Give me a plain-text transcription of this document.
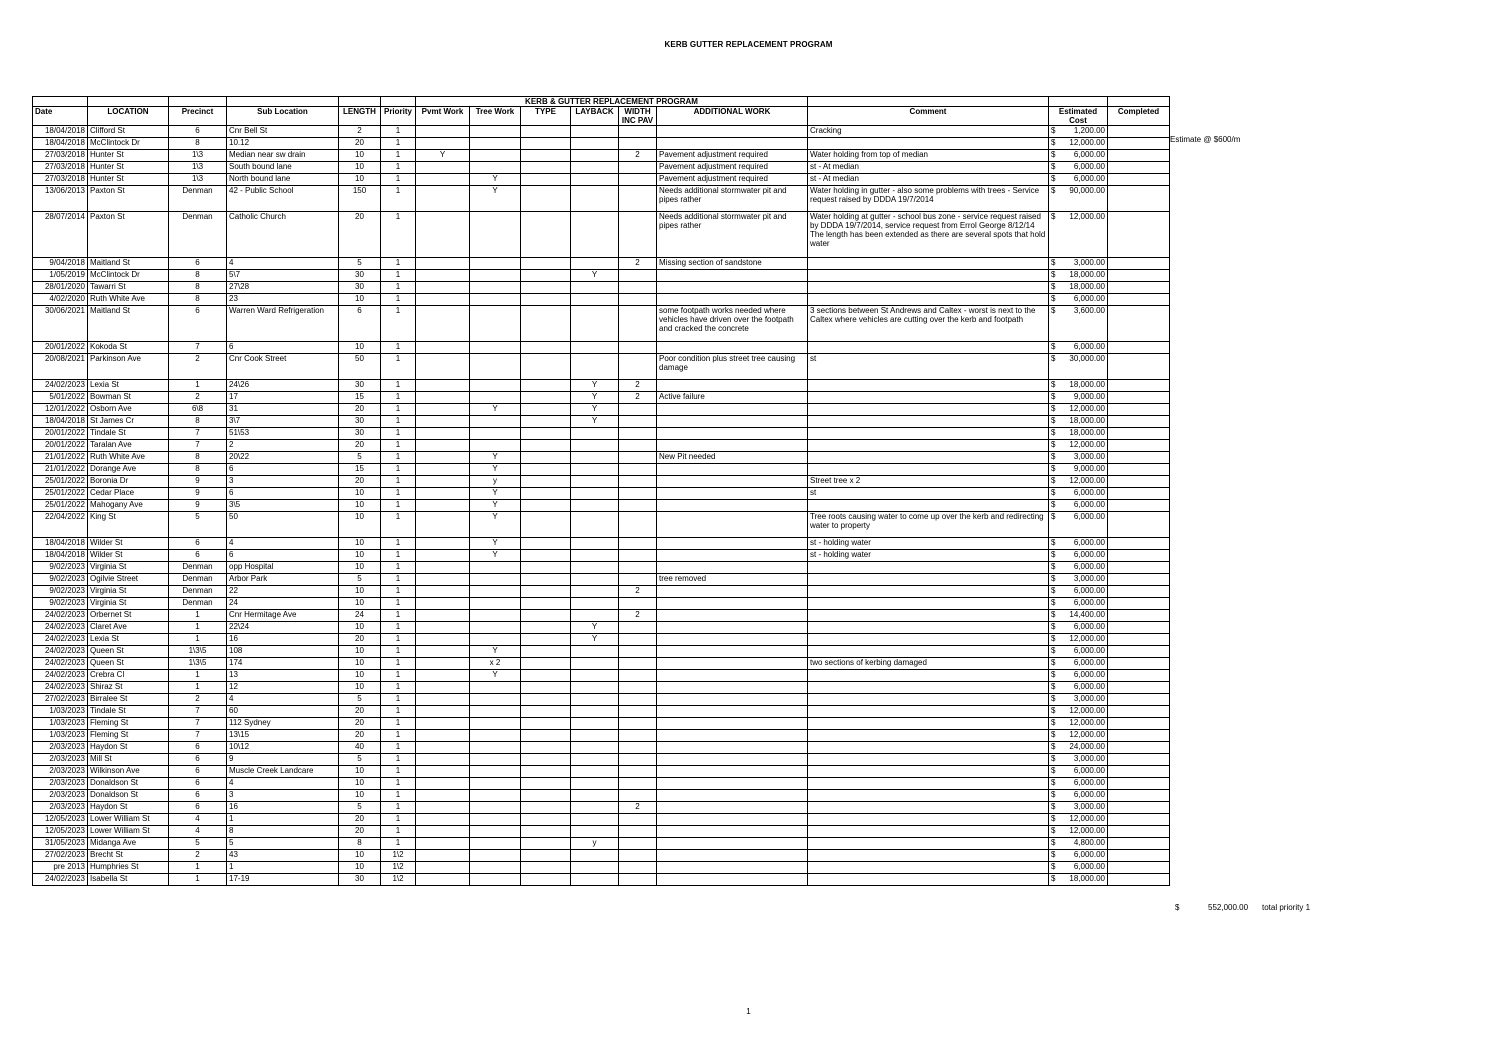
KERB GUTTER REPLACEMENT PROGRAM
						KERB & GUTTER REPLACEMENT PROGRAM								
Date	LOCATION	Precinct	Sub Location	LENGTH	Priority	Pvmt Work	Tree Work	TYPE	LAYBACK	WIDTH INC PAV	ADDITIONAL WORK	Comment	Estimated Cost	Completed
18/04/2018	Clifford St	6	Cnr Bell St	2	1							Cracking	$ 1,200.00	

18/04/2018	McClintock Dr	8	10.12	20	1								$ 12,000.00	

27/03/2018	Hunter St	1\3	Median near sw drain	10	1	Y				2	Pavement adjustment required	Water holding from top of median	$ 6,000.00	

27/03/2018	Hunter St	1\3	South bound lane	10	1						Pavement adjustment required	st - At median	$ 6,000.00	

27/03/2018	Hunter St	1\3	North bound lane	10	1		Y				Pavement adjustment required	st - At median	$ 6,000.00	

13/06/2013	Paxton St	Denman	42 - Public School	150	1		Y				Needs additional stormwater pit and pipes rather	Water holding in gutter - also some problems with trees - Service request raised by DDDA 19/7/2014	$ 90,000.00	

28/07/2014	Paxton St	Denman	Catholic Church	20	1						Needs additional stormwater pit and pipes rather	Water holding at gutter - school bus zone - service request raised by DDDA 19/7/2014, service request from Errol George 8/12/14 The length has been extended as there are several spots that hold water	$ 12,000.00	

9/04/2018	Maitland St	6	4	5	1					2	Missing section of sandstone		$ 3,000.00	

1/05/2019	McClintock Dr	8	5\7	30	1				Y				$ 18,000.00	

28/01/2020	Tawarri St	8	27\28	30	1								$ 18,000.00	

4/02/2020	Ruth White Ave	8	23	10	1								$ 6,000.00	

30/06/2021	Maitland St	6	Warren Ward Refrigeration	6	1						some footpath works needed where vehicles have driven over the footpath and cracked the concrete	3 sections between St Andrews and Caltex - worst is next to the Caltex where vehicles are cutting over the kerb and footpath	$ 3,600.00	

20/01/2022	Kokoda St	7	6	10	1								$ 6,000.00	

20/08/2021	Parkinson Ave	2	Cnr Cook Street	50	1						Poor condition plus street tree causing damage	st	$ 30,000.00	

24/02/2023	Lexia St	1	24\26	30	1				Y	2			$ 18,000.00	

5/01/2022	Bowman St	2	17	15	1				Y	2	Active failure		$ 9,000.00	

12/01/2022	Osborn Ave	6\8	31	20	1		Y		Y				$ 12,000.00	

18/04/2018	St James Cr	8	3\7	30	1				Y				$ 18,000.00	

20/01/2022	Tindale St	7	51\53	30	1								$ 18,000.00	

20/01/2022	Taralan Ave	7	2	20	1								$ 12,000.00	

21/01/2022	Ruth White Ave	8	20\22	5	1		Y				New Pit needed		$ 3,000.00	

21/01/2022	Dorange Ave	8	6	15	1		Y						$ 9,000.00	

25/01/2022	Boronia Dr	9	3	20	1		y					Street tree x 2	$ 12,000.00	

25/01/2022	Cedar Place	9	6	10	1		Y					st	$ 6,000.00	

25/01/2022	Mahogany Ave	9	3\5	10	1		Y						$ 6,000.00	

22/04/2022	King St	5	50	10	1		Y					Tree roots causing water to come up over the kerb and redirecting water to property	$ 6,000.00	

18/04/2018	Wilder St	6	4	10	1		Y					st - holding water	$ 6,000.00	

18/04/2018	Wilder St	6	6	10	1		Y					st - holding water	$ 6,000.00	

9/02/2023	Virginia St	Denman	opp Hospital	10	1								$ 6,000.00	

9/02/2023	Ogilvie Street	Denman	Arbor Park	5	1						tree removed		$ 3,000.00	

9/02/2023	Virginia St	Denman	22	10	1					2			$ 6,000.00	

9/02/2023	Virginia St	Denman	24	10	1								$ 6,000.00	

24/02/2023	Orbernet St	1	Cnr Hermitage Ave	24	1					2			$ 14,400.00	

24/02/2023	Claret Ave	1	22\24	10	1				Y				$ 6,000.00	

24/02/2023	Lexia St	1	16	20	1				Y				$ 12,000.00	

24/02/2023	Queen St	1\3\5	108	10	1		Y						$ 6,000.00	

24/02/2023	Queen St	1\3\5	174	10	1		x 2					two sections of kerbing damaged	$ 6,000.00	

24/02/2023	Crebra Cl	1	13	10	1		Y						$ 6,000.00	

24/02/2023	Shiraz St	1	12	10	1								$ 6,000.00	

27/02/2023	Birralee St	2	4	5	1								$ 3,000.00	

1/03/2023	Tindale St	7	60	20	1								$ 12,000.00	

1/03/2023	Fleming St	7	112 Sydney	20	1								$ 12,000.00	

1/03/2023	Fleming St	7	13\15	20	1								$ 12,000.00	

2/03/2023	Haydon St	6	10\12	40	1								$ 24,000.00	

2/03/2023	Mill St	6	9	5	1								$ 3,000.00	

2/03/2023	Wilkinson Ave	6	Muscle Creek Landcare	10	1								$ 6,000.00	

2/03/2023	Donaldson St	6	4	10	1								$ 6,000.00	

2/03/2023	Donaldson St	6	3	10	1								$ 6,000.00	

2/03/2023	Haydon St	6	16	5	1					2			$ 3,000.00	

12/05/2023	Lower William St	4	1	20	1								$ 12,000.00	

12/05/2023	Lower William St	4	8	20	1								$ 12,000.00	

31/05/2023	Midanga Ave	5	5	8	1				y				$ 4,800.00	

27/02/2023	Brecht St	2	43	10	1\2								$ 6,000.00	

pre 2013	Humphries St	1	1	10	1\2								$ 6,000.00	

24/02/2023	Isabella St	1	17-19	30	1\2								$ 18,000.00	

Estimate @ $600/m
$	552,000.00 total priority 1
1
